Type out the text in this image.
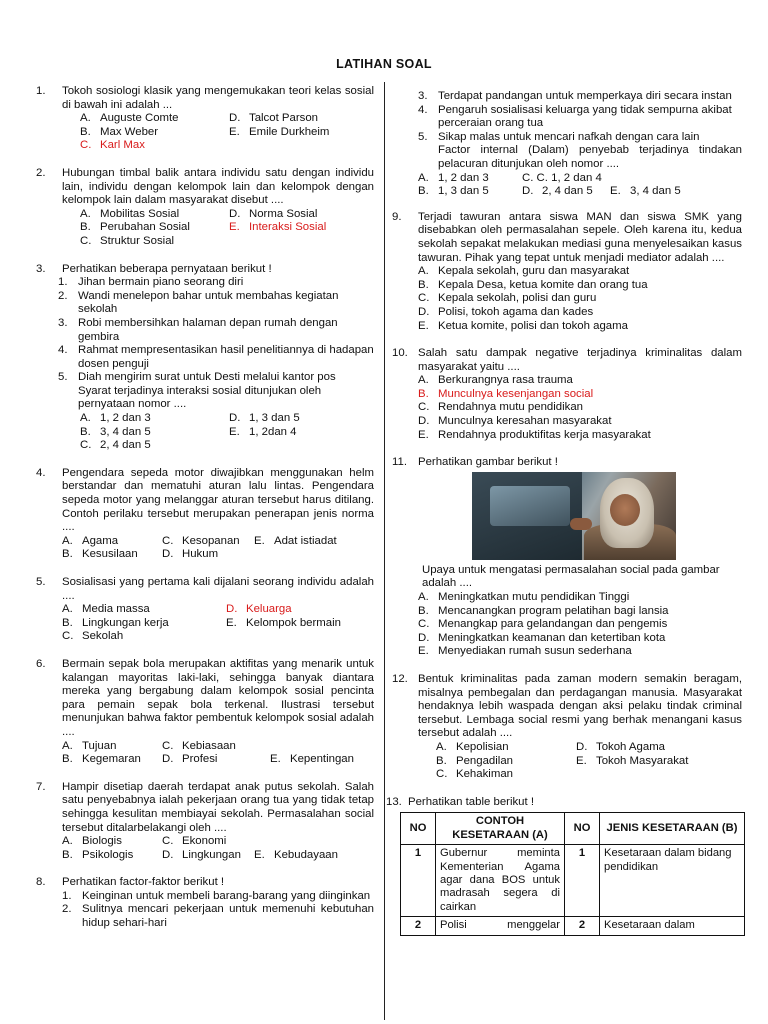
LATIHAN SOAL
1.	Tokoh sosiologi klasik yang mengemukakan teori kelas sosial di bawah ini adalah ...
A. Auguste Comte	D. Talcot Parson
B. Max Weber	E. Emile Durkheim
C. Karl Max
2.	Hubungan timbal balik antara individu satu dengan individu lain, individu dengan kelompok lain dan kelompok dengan kelompok lain dalam masyarakat disebut ....
A. Mobilitas Sosial	D. Norma Sosial
B. Perubahan Sosial	E. Interaksi Sosial
C. Struktur Sosial
3.	Perhatikan beberapa pernyataan berikut !
1. Jihan bermain piano seorang diri
2. Wandi menelepon bahar untuk membahas kegiatan sekolah
3. Robi membersihkan halaman depan rumah dengan gembira
4. Rahmat mempresentasikan hasil penelitiannya di hadapan dosen penguji
5. Diah mengirim surat untuk Desti melalui kantor pos
Syarat terjadinya interaksi sosial ditunjukan oleh pernyataan nomor ....
A. 1, 2 dan 3	D. 1, 3 dan 5
B. 3, 4 dan 5	E. 1, 2dan 4
C. 2, 4 dan 5
4.	Pengendara sepeda motor diwajibkan menggunakan helm berstandar dan mematuhi aturan lalu lintas. Pengendara sepeda motor yang melanggar aturan tersebut harus ditilang. Contoh perilaku tersebut merupakan penerapan jenis norma ....
A. Agama	C. Kesopanan E. Adat istiadat
B. Kesusilaan D. Hukum
5.	Sosialisasi yang pertama kali dijalani seorang individu adalah ....
A. Media massa	D. Keluarga
B. Lingkungan kerja	E. Kelompok bermain
C. Sekolah
6.	Bermain sepak bola merupakan aktifitas yang menarik untuk kalangan mayoritas laki-laki, sehingga banyak diantara mereka yang bergabung dalam kelompok sosial pencinta para pemain sepak bola terkenal. Ilustrasi tersebut menunjukan bahwa faktor pembentuk kelompok sosial adalah ....
A. Tujuan	C. Kebiasaan
B. Kegemaran D. Profesi	E. Kepentingan
7.	Hampir disetiap daerah terdapat anak putus sekolah. Salah satu penyebabnya ialah pekerjaan orang tua yang tidak tetap sehingga kesulitan membiayai sekolah. Permasalahan social tersebut ditalarbelakangi oleh ....
A. Biologis	C. Ekonomi
B. Psikologis	D. Lingkungan E. Kebudayaan
8.	Perhatikan factor-faktor berikut !
1. Keinginan untuk membeli barang-barang yang diinginkan
2. Sulitnya mencari pekerjaan untuk memenuhi kebutuhan hidup sehari-hari
3. Terdapat pandangan untuk memperkaya diri secara instan
4. Pengaruh sosialisasi keluarga yang tidak sempurna akibat perceraian orang tua
5. Sikap malas untuk mencari nafkah dengan cara lain
Factor internal (Dalam) penyebab terjadinya tindakan pelacuran ditunjukan oleh nomor ....
A. 1, 2 dan 3	C. C. 1, 2 dan 4
B. 1, 3 dan 5	D. 2, 4 dan 5 E. 3, 4 dan 5
9.	Terjadi tawuran antara siswa MAN dan siswa SMK yang disebabkan oleh permasalahan sepele. Oleh karena itu, kedua sekolah sepakat melakukan mediasi guna menyelesaikan kasus tawuran. Pihak yang tepat untuk menjadi mediator adalah ....
A. Kepala sekolah, guru dan masyarakat
B. Kepala Desa, ketua komite dan orang tua
C. Kepala sekolah, polisi dan guru
D. Polisi, tokoh agama dan kades
E. Ketua komite, polisi dan tokoh agama
10. Salah satu dampak negative terjadinya kriminalitas dalam masyarakat yaitu ....
A. Berkurangnya rasa trauma
B. Munculnya kesenjangan social
C. Rendahnya mutu pendidikan
D. Munculnya keresahan masyarakat
E. Rendahnya produktifitas kerja masyarakat
11. Perhatikan gambar berikut !
Upaya untuk mengatasi permasalahan social pada gambar adalah ....
A. Meningkatkan mutu pendidikan Tinggi
B. Mencanangkan program pelatihan bagi lansia
C. Menangkap para gelandangan dan pengemis
D. Meningkatkan keamanan dan ketertiban kota
E. Menyediakan rumah susun sederhana
12. Bentuk kriminalitas pada zaman modern semakin beragam, misalnya pembegalan dan perdagangan manusia. Masyarakat hendaknya lebih waspada dengan aksi pelaku tindak criminal tersebut. Lembaga social resmi yang berhak menangani kasus tersebut adalah ....
A. Kepolisian	D. Tokoh Agama
B. Pengadilan	E. Tokoh Masyarakat
C. Kehakiman
13. Perhatikan table berikut !
NO	CONTOH KESETARAAN (A)	NO	JENIS KESETARAAN (B)
1	Gubernur meminta Kementerian Agama agar dana BOS untuk madrasah segera di cairkan	1	Kesetaraan dalam bidang pendidikan
2	Polisi menggelar	2	Kesetaraan dalam
